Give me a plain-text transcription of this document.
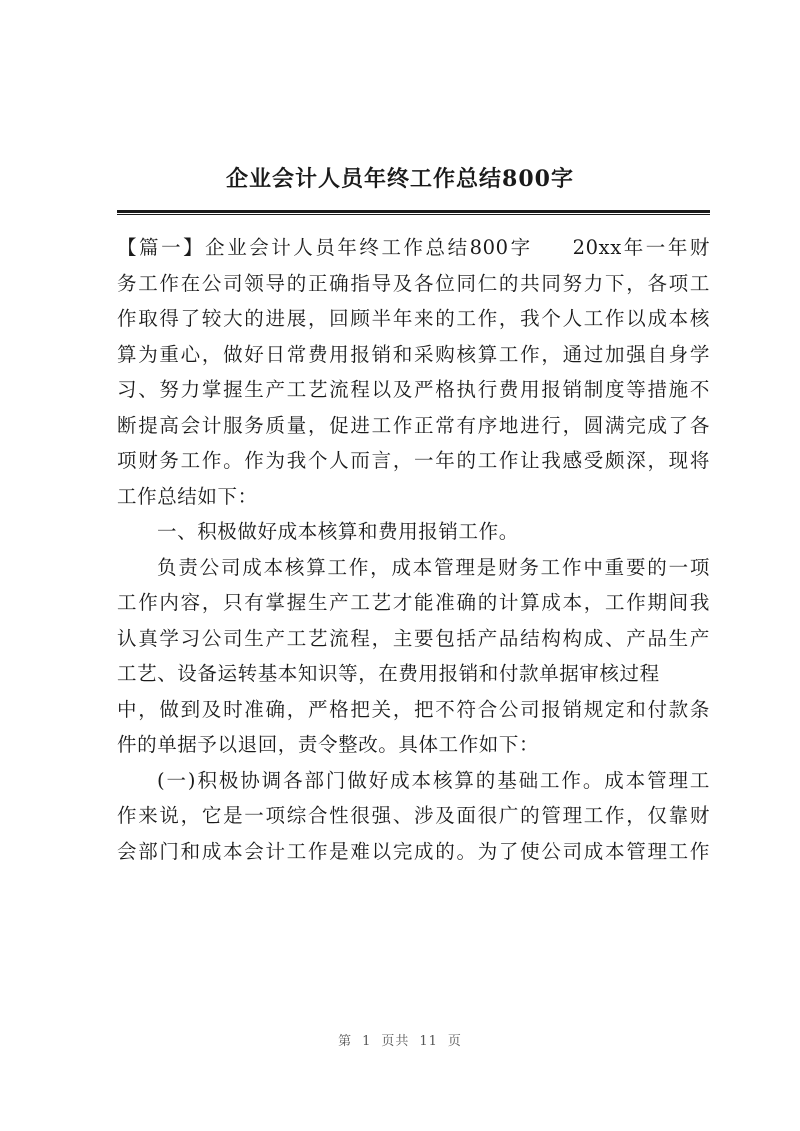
企业会计人员年终工作总结800字
【篇一】企业会计人员年终工作总结800字 20xx年一年财
务工作在公司领导的正确指导及各位同仁的共同努力下，各项工
作取得了较大的进展，回顾半年来的工作，我个人工作以成本核
算为重心，做好日常费用报销和采购核算工作，通过加强自身学
习、努力掌握生产工艺流程以及严格执行费用报销制度等措施不
断提高会计服务质量，促进工作正常有序地进行，圆满完成了各
项财务工作。作为我个人而言，一年的工作让我感受颇深，现将
工作总结如下：
一、积极做好成本核算和费用报销工作。
负责公司成本核算工作，成本管理是财务工作中重要的一项
工作内容，只有掌握生产工艺才能准确的计算成本，工作期间我
认真学习公司生产工艺流程，主要包括产品结构构成、产品生产
工艺、设备运转基本知识等，在费用报销和付款单据审核过程
中，做到及时准确，严格把关，把不符合公司报销规定和付款条
件的单据予以退回，责令整改。具体工作如下：
(一)积极协调各部门做好成本核算的基础工作。成本管理工
作来说，它是一项综合性很强、涉及面很广的管理工作，仅靠财
会部门和成本会计工作是难以完成的。为了使公司成本管理工作
第 1 页共 11 页
